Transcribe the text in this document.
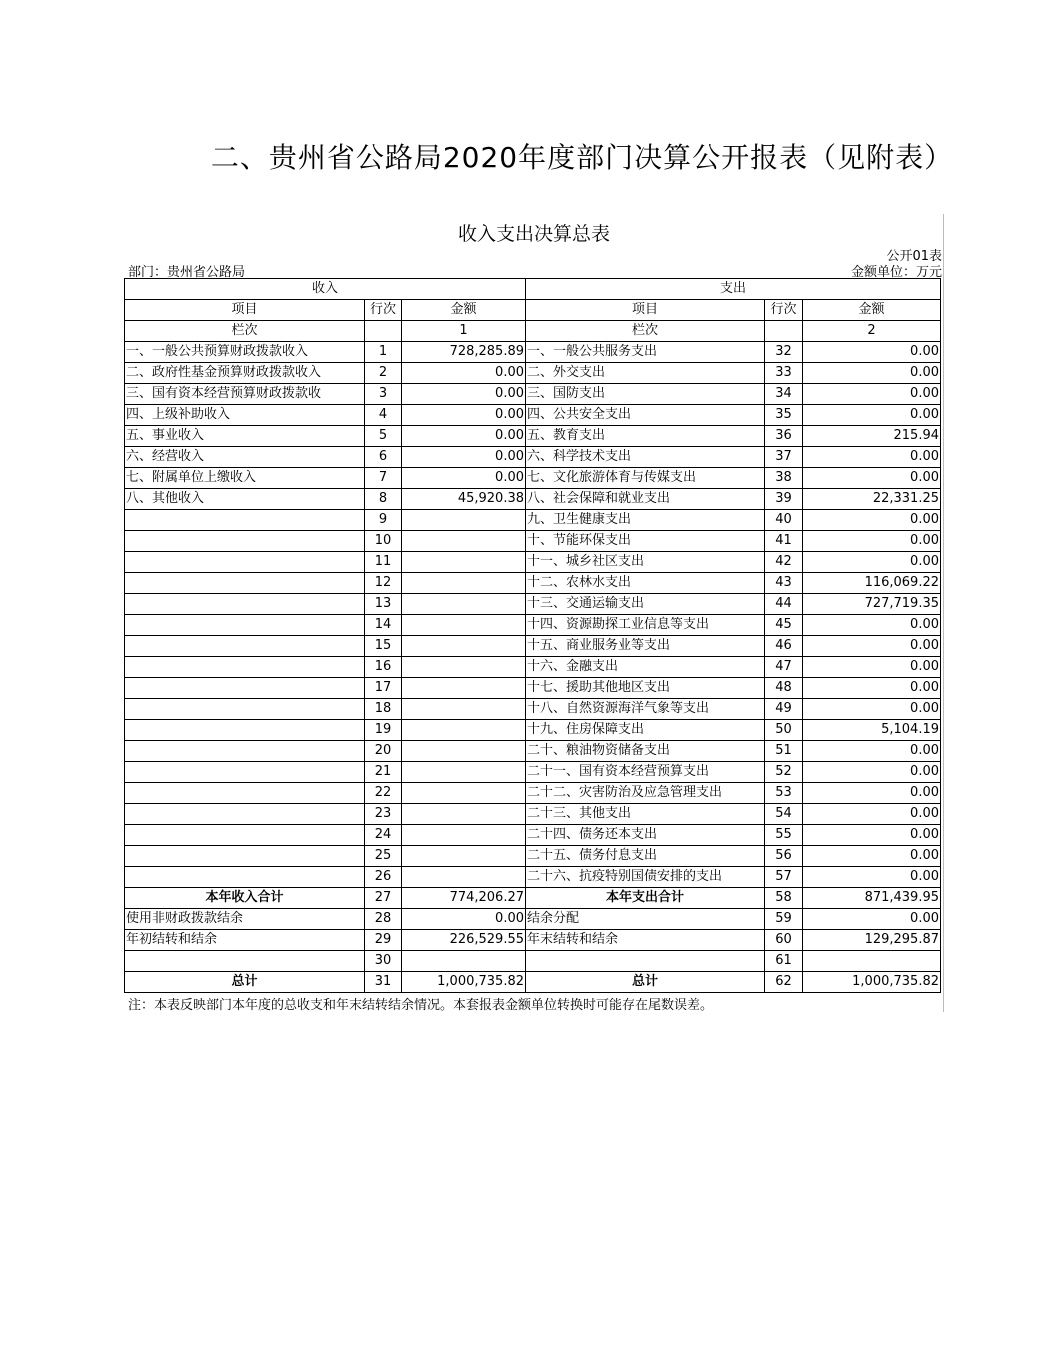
二、贵州省公路局2020年度部门决算公开报表（见附表）
收入支出决算总表
公开01表
部门：贵州省公路局	金额单位：万元
收入			支出		
项目	行次	金额	项目	行次	金额
栏次		1	栏次		2
一、一般公共预算财政拨款收入	1	728,285.89	一、一般公共服务支出	32	0.00
二、政府性基金预算财政拨款收入	2	0.00	二、外交支出	33	0.00
三、国有资本经营预算财政拨款收	3	0.00	三、国防支出	34	0.00
四、上级补助收入	4	0.00	四、公共安全支出	35	0.00
五、事业收入	5	0.00	五、教育支出	36	215.94
六、经营收入	6	0.00	六、科学技术支出	37	0.00
七、附属单位上缴收入	7	0.00	七、文化旅游体育与传媒支出	38	0.00
八、其他收入	8	45,920.38	八、社会保障和就业支出	39	22,331.25
	9		九、卫生健康支出	40	0.00
	10		十、节能环保支出	41	0.00
	11		十一、城乡社区支出	42	0.00
	12		十二、农林水支出	43	116,069.22
	13		十三、交通运输支出	44	727,719.35
	14		十四、资源勘探工业信息等支出	45	0.00
	15		十五、商业服务业等支出	46	0.00
	16		十六、金融支出	47	0.00
	17		十七、援助其他地区支出	48	0.00
	18		十八、自然资源海洋气象等支出	49	0.00
	19		十九、住房保障支出	50	5,104.19
	20		二十、粮油物资储备支出	51	0.00
	21		二十一、国有资本经营预算支出	52	0.00
	22		二十二、灾害防治及应急管理支出	53	0.00
	23		二十三、其他支出	54	0.00
	24		二十四、债务还本支出	55	0.00
	25		二十五、债务付息支出	56	0.00
	26		二十六、抗疫特别国债安排的支出	57	0.00
本年收入合计	27	774,206.27	本年支出合计	58	871,439.95
使用非财政拨款结余	28	0.00	结余分配	59	0.00
年初结转和结余	29	226,529.55	年末结转和结余	60	129,295.87
	30			61	
总计	31	1,000,735.82	总计	62	1,000,735.82
注：本表反映部门本年度的总收支和年末结转结余情况。本套报表金额单位转换时可能存在尾数误差。
